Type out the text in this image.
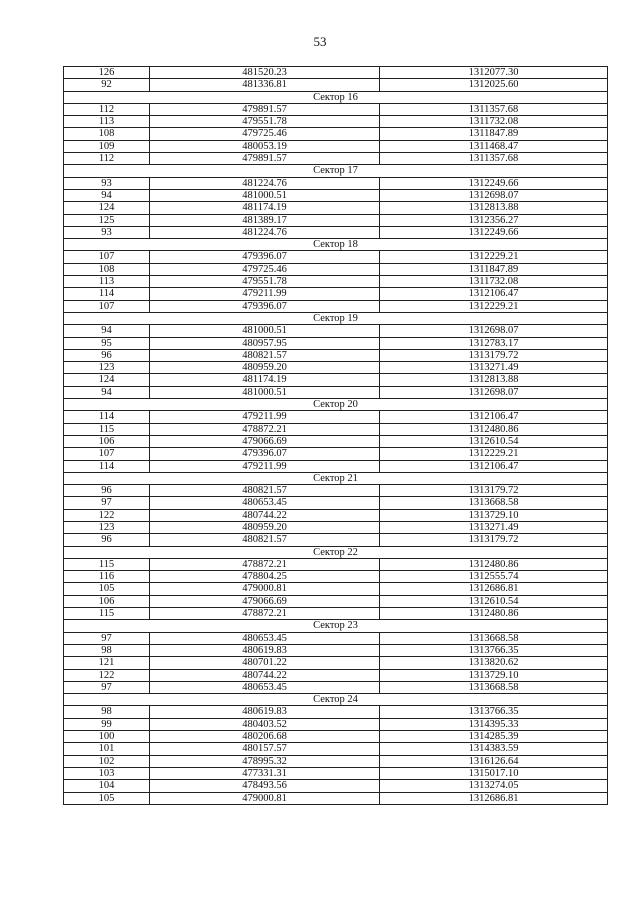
53
126	481520.23	1312077.30
92	481336.81	1312025.60
Сектор 16		
112	479891.57	1311357.68
113	479551.78	1311732.08
108	479725.46	1311847.89
109	480053.19	1311468.47
112	479891.57	1311357.68
Сектор 17		
93	481224.76	1312249.66
94	481000.51	1312698.07
124	481174.19	1312813.88
125	481389.17	1312356.27
93	481224.76	1312249.66
Сектор 18		
107	479396.07	1312229.21
108	479725.46	1311847.89
113	479551.78	1311732.08
114	479211.99	1312106.47
107	479396.07	1312229.21
Сектор 19		
94	481000.51	1312698.07
95	480957.95	1312783.17
96	480821.57	1313179.72
123	480959.20	1313271.49
124	481174.19	1312813.88
94	481000.51	1312698.07
Сектор 20		
114	479211.99	1312106.47
115	478872.21	1312480.86
106	479066.69	1312610.54
107	479396.07	1312229.21
114	479211.99	1312106.47
Сектор 21		
96	480821.57	1313179.72
97	480653.45	1313668.58
122	480744.22	1313729.10
123	480959.20	1313271.49
96	480821.57	1313179.72
Сектор 22		
115	478872.21	1312480.86
116	478804.25	1312555.74
105	479000.81	1312686.81
106	479066.69	1312610.54
115	478872.21	1312480.86
Сектор 23		
97	480653.45	1313668.58
98	480619.83	1313766.35
121	480701.22	1313820.62
122	480744.22	1313729.10
97	480653.45	1313668.58
Сектор 24		
98	480619.83	1313766.35
99	480403.52	1314395.33
100	480206.68	1314285.39
101	480157.57	1314383.59
102	478995.32	1316126.64
103	477331.31	1315017.10
104	478493.56	1313274.05
105	479000.81	1312686.81
